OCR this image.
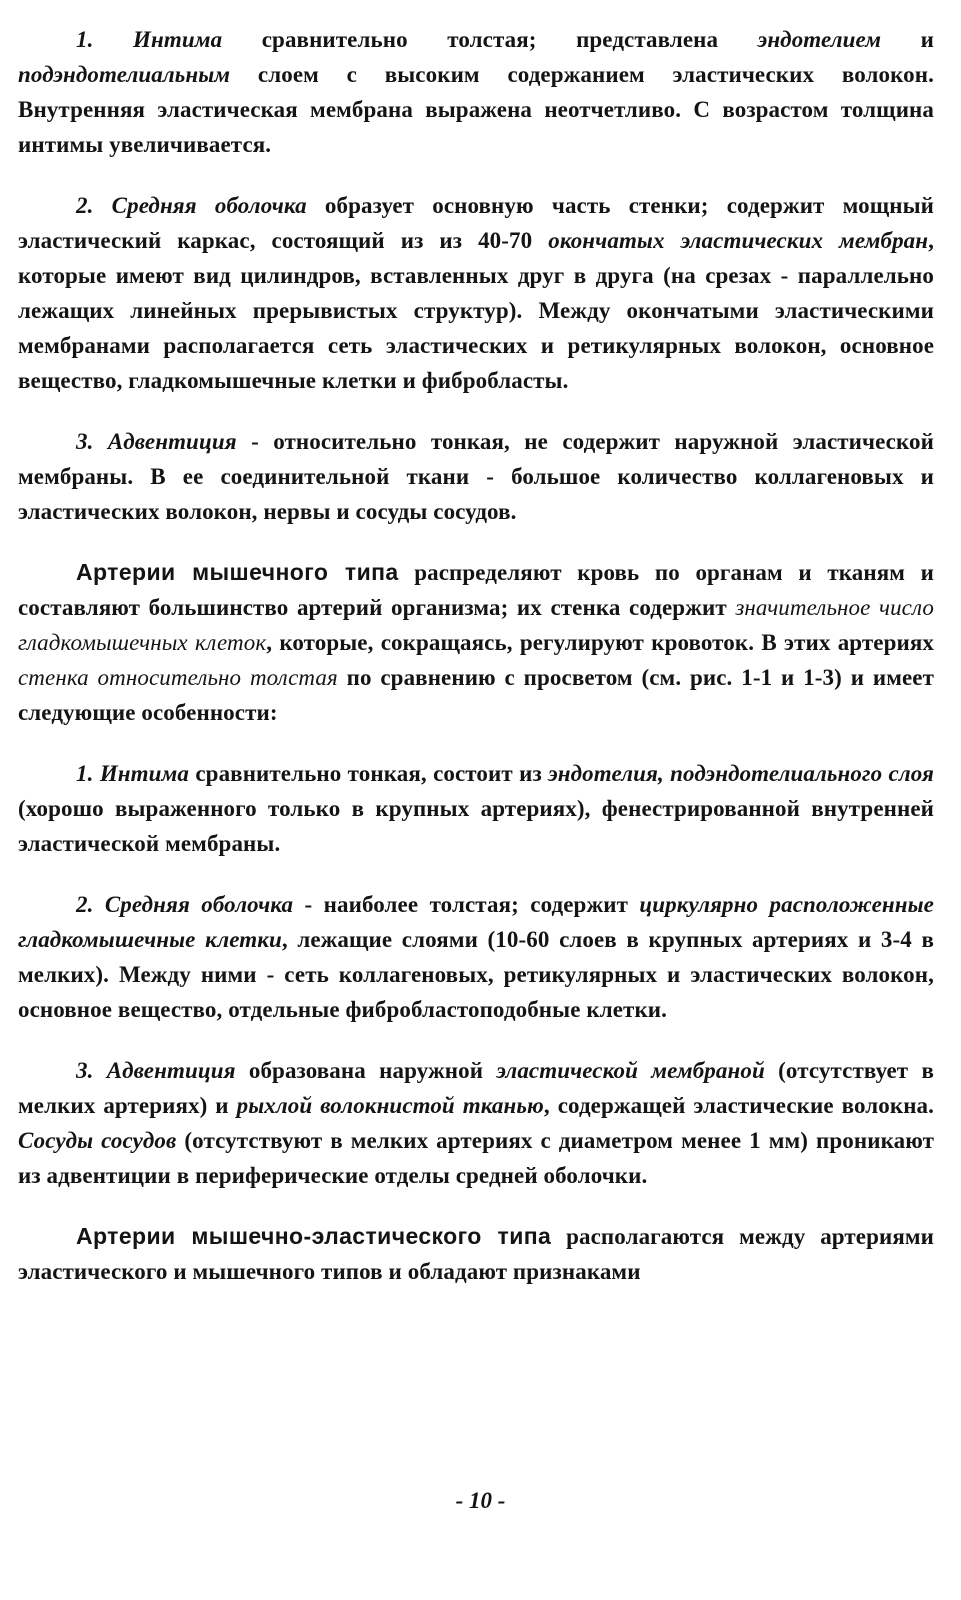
1. Интима сравнительно толстая; представлена эндотелием и подэндотелиальным слоем с высоким содержанием эластических волокон. Внутренняя эластическая мембрана выражена неотчетливо. С возрастом толщина интимы увеличивается.

2. Средняя оболочка образует основную часть стенки; содержит мощный эластический каркас, состоящий из из 40-70 окончатых эластических мембран, которые имеют вид цилиндров, вставленных друг в друга (на срезах - параллельно лежащих линейных прерывистых структур). Между окончатыми эластическими мембранами располагается сеть эластических и ретикулярных волокон, основное вещество, гладкомышечные клетки и фибробласты.

3. Адвентиция - относительно тонкая, не содержит наружной эластической мембраны. В ее соединительной ткани - большое количество коллагеновых и эластических волокон, нервы и сосуды сосудов.

Артерии мышечного типа распределяют кровь по органам и тканям и составляют большинство артерий организма; их стенка содержит значительное число гладкомышечных клеток, которые, сокращаясь, регулируют кровоток. В этих артериях стенка относительно толстая по сравнению с просветом (см. рис. 1-1 и 1-3) и имеет следующие особенности:

1. Интима сравнительно тонкая, состоит из эндотелия, подэндотелиального слоя (хорошо выраженного только в крупных артериях), фенестрированной внутренней эластической мембраны.

2. Средняя оболочка - наиболее толстая; содержит циркулярно расположенные гладкомышечные клетки, лежащие слоями (10-60 слоев в крупных артериях и 3-4 в мелких). Между ними - сеть коллагеновых, ретикулярных и эластических волокон, основное вещество, отдельные фибробластоподобные клетки.

3. Адвентиция образована наружной эластической мембраной (отсутствует в мелких артериях) и рыхлой волокнистой тканью, содержащей эластические волокна. Сосуды сосудов (отсутствуют в мелких артериях с диаметром менее 1 мм) проникают из адвентиции в периферические отделы средней оболочки.

Артерии мышечно-эластического типа располагаются между артериями эластического и мышечного типов и обладают признаками

- 10 -
